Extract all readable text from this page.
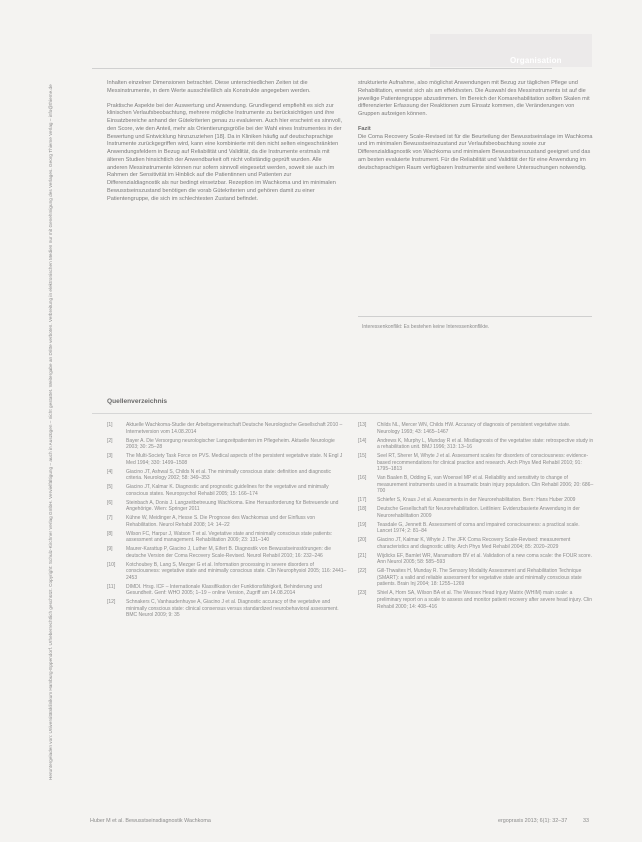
Heruntergeladen von: Universitätsklinikum Hamburg-Eppendorf. Urheberrechtlich geschützt. Copyright: Schulz-Kirchner Verlag GmbH. Vervielfältigung – auch in Auszügen – nicht gestattet. Weitergabe an Dritte verboten. Verbreitung in elektronischen Medien nur mit Genehmigung des Verlages. Georg Thieme Verlag – info@thieme.de
Organisation

Inhalten einzelner Dimensionen betrachtet. Diese unterschiedlichen Zeiten ist die Messinstrumente, in dem Werte ausschließlich als Konstrukte angegeben werden.

Praktische Aspekte bei der Auswertung und Anwendung. Grundlegend empfiehlt es sich zur klinischen Verlaufsbeobachtung, mehrere mögliche Instrumente zu berücksichtigen und ihre Einsatzbereiche anhand der Gütekriterien genau zu evaluieren. Auch hier erscheint es sinnvoll, den Score, wie den Anteil, mehr als Orientierungsgröße bei der Wahl eines Instrumentes in der Bewertung und Entwicklung hinzuzuziehen [18]. Da in Kliniken häufig auf deutschsprachige Instrumente zurückgegriffen wird, kann eine kombinierte mit den nicht selten eingeschränkten Anwendungsfeldern in Bezug auf Reliabilität und Validität, da die Instrumente erstmals mit älteren Studien hinsichtlich der Anwendbarkeit oft nicht vollständig geprüft wurden. Alle anderen Messinstrumente können nur sofern sinnvoll eingesetzt werden, soweit sie auch im Rahmen der Sensitivität im Hinblick auf die Patientinnen und Patienten zur Differenzialdiagnostik als nur bedingt einsetzbar. Rezeption im Wachkoma und im minimalen Bewusstseinszustand benötigen die vorab Gütekriterien und gehören damit zu einer Patientengruppe, die sich im schlechtesten Zustand befindet.

strukturierte Aufnahme, also möglichst Anwendungen mit Bezug zur täglichen Pflege und Rehabilitation, erweist sich als am effektivsten. Die Auswahl des Messinstruments ist auf die jeweilige Patientengruppe abzustimmen. Im Bereich der Komarehabilitation sollten Skalen mit differenzierter Erfassung der Reaktionen zum Einsatz kommen, die Veränderungen von Gruppen aufzeigen können.

Fazit

Die Coma Recovery Scale-Revised ist für die Beurteilung der Bewusstseinslage im Wachkoma und im minimalen Bewusstseinszustand zur Verlaufsbeobachtung sowie zur Differenzialdiagnostik von Wachkoma und minimalem Bewusstseinszustand geeignet und das am besten evaluierte Instrument. Für die Reliabilität und Validität der für eine Anwendung im deutschsprachigen Raum verfügbaren Instrumente sind weitere Untersuchungen notwendig.

Interessenkonflikt: Es bestehen keine Interessenkonflikte.
Quellenverzeichnis
[1]	Aktuelle Wachkoma-Studie der Arbeitsgemeinschaft Deutsche Neurologische Gesellschaft 2010 – Internetversion vom 14.08.2014
[2]	Bayer A. Die Versorgung neurologischer Langzeitpatienten im Pflegeheim. Aktuelle Neurologie 2003; 30: 25–28
[3]	The Multi-Society Task Force on PVS. Medical aspects of the persistent vegetative state. N Engl J Med 1994; 330: 1499–1508
[4]	Giacino JT, Ashwal S, Childs N et al. The minimally conscious state: definition and diagnostic criteria. Neurology 2002; 58: 349–353
[5]	Giacino JT, Kalmar K. Diagnostic and prognostic guidelines for the vegetative and minimally conscious states. Neuropsychol Rehabil 2005; 15: 166–174
[6]	Steinbach A, Donis J. Langzeitbetreuung Wachkoma. Eine Herausforderung für Betreuende und Angehörige. Wien: Springer 2011
[7]	Kühne W, Meidinger A, Hesse S. Die Prognose des Wachkomas und der Einfluss von Rehabilitation. Neurol Rehabil 2008; 14: 14–22
[8]	Wilson FC, Harpur J, Watson T et al. Vegetative state and minimally conscious state patients: assessment and management. Rehabilitation 2009; 23: 131–140
[9]	Maurer-Karattup P, Giacino J, Luther M, Eifert B. Diagnostik von Bewusstseinsstörungen: die deutsche Version der Coma Recovery Scale-Revised. Neurol Rehabil 2010; 16: 232–246
[10]	Kotchoubey B, Lang S, Mezger G et al. Information processing in severe disorders of consciousness: vegetative state and minimally conscious state. Clin Neurophysiol 2005; 116: 2441–2453
[11]	DIMDI. Hrsg. ICF – Internationale Klassifikation der Funktionsfähigkeit, Behinderung und Gesundheit. Genf: WHO 2005; 1–19 – online Version, Zugriff am 14.08.2014
[12]	Schnakers C, Vanhaudenhuyse A, Giacino J et al. Diagnostic accuracy of the vegetative and minimally conscious state: clinical consensus versus standardized neurobehavioral assessment. BMC Neurol 2009; 9: 35
[13]	Childs NL, Mercer WN, Childs HW. Accuracy of diagnosis of persistent vegetative state. Neurology 1993; 43: 1465–1467
[14]	Andrews K, Murphy L, Munday R et al. Misdiagnosis of the vegetative state: retrospective study in a rehabilitation unit. BMJ 1996; 313: 13–16
[15]	Seel RT, Sherer M, Whyte J et al. Assessment scales for disorders of consciousness: evidence-based recommendations for clinical practice and research. Arch Phys Med Rehabil 2010; 91: 1795–1813
[16]	Van Baalen B, Odding E, van Woensel MP et al. Reliability and sensitivity to change of measurement instruments used in a traumatic brain injury population. Clin Rehabil 2006; 20: 686–700
[17]	Schiefer S, Kraus J et al. Assessments in der Neurorehabilitation. Bern: Hans Huber 2009
[18]	Deutsche Gesellschaft für Neurorehabilitation. Leitlinien: Evidenzbasierte Anwendung in der Neurorehabilitation 2009
[19]	Teasdale G, Jennett B. Assessment of coma and impaired consciousness: a practical scale. Lancet 1974; 2: 81–84
[20]	Giacino JT, Kalmar K, Whyte J. The JFK Coma Recovery Scale-Revised: measurement characteristics and diagnostic utility. Arch Phys Med Rehabil 2004; 85: 2020–2029
[21]	Wijdicks EF, Bamlet WR, Maramattom BV et al. Validation of a new coma scale: the FOUR score. Ann Neurol 2005; 58: 585–593
[22]	Gill-Thwaites H, Munday R. The Sensory Modality Assessment and Rehabilitation Technique (SMART): a valid and reliable assessment for vegetative state and minimally conscious state patients. Brain Inj 2004; 18: 1255–1269
[23]	Shiel A, Horn SA, Wilson BA et al. The Wessex Head Injury Matrix (WHIM) main scale: a preliminary report on a scale to assess and monitor patient recovery after severe head injury. Clin Rehabil 2000; 14: 408–416
Huber M et al. Bewusstseinsdiagnostik Wachkoma	ergopraxis 2013; 6(1): 32–37	33
